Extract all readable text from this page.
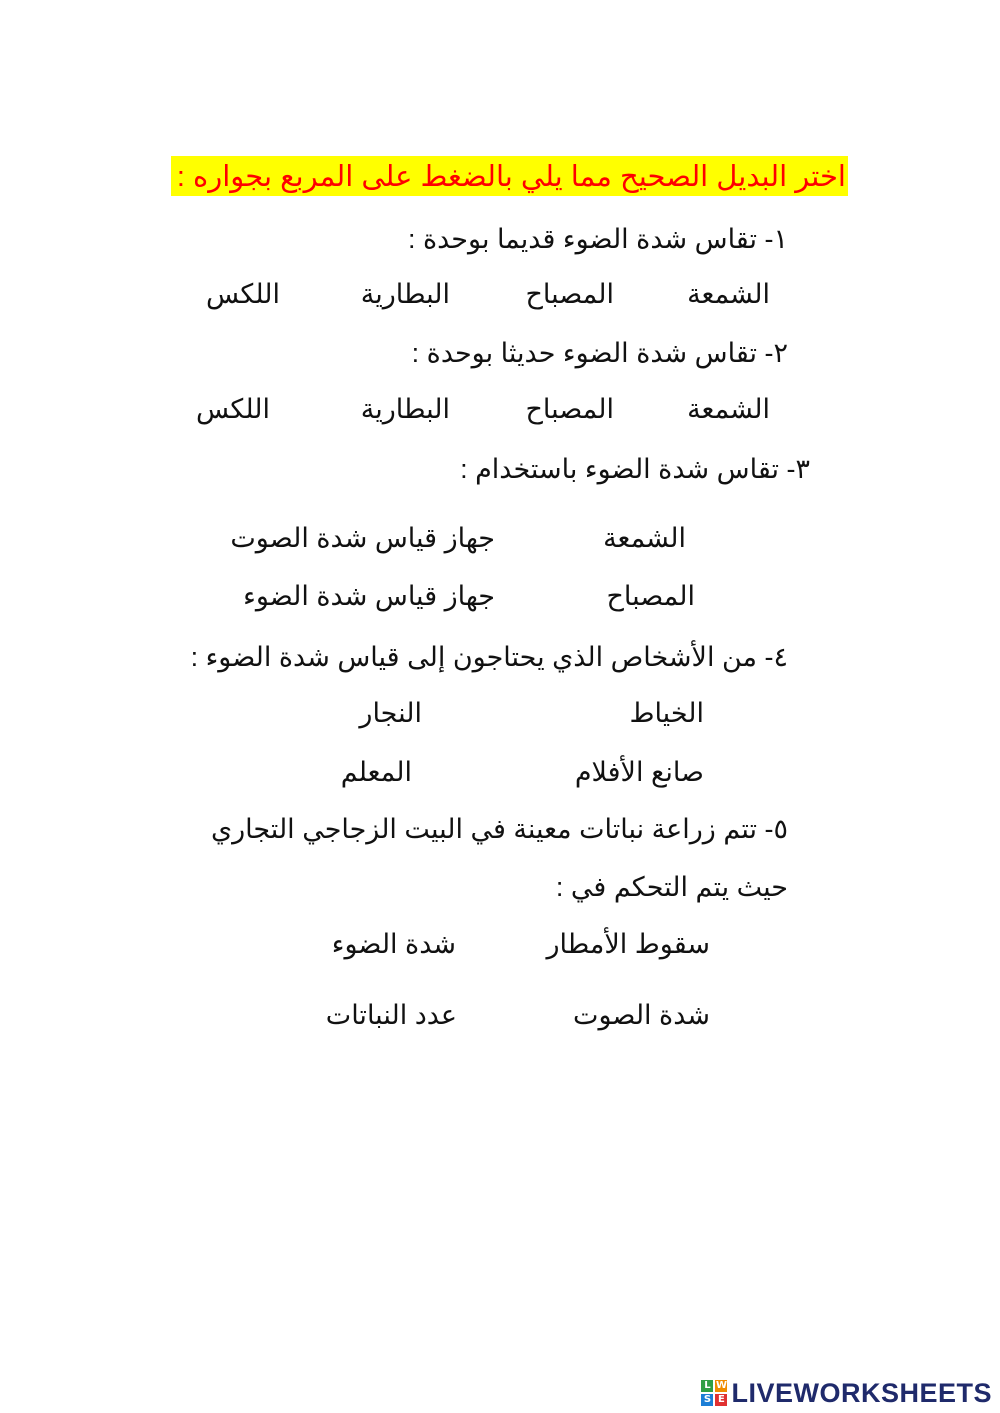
اختر البديل الصحيح مما يلي بالضغط على المربع بجواره :
١- تقاس شدة الضوء قديما بوحدة :
الشمعة
المصباح
البطارية
اللكس
٢- تقاس شدة الضوء حديثا بوحدة :
الشمعة
المصباح
البطارية
اللكس
٣- تقاس شدة الضوء باستخدام :
الشمعة
جهاز قياس شدة الصوت
المصباح
جهاز قياس شدة الضوء
٤- من الأشخاص الذي يحتاجون إلى قياس شدة الضوء :
الخياط
النجار
صانع الأفلام
المعلم
٥- تتم زراعة نباتات معينة في البيت الزجاجي التجاري
حيث يتم التحكم في :
سقوط الأمطار
شدة الضوء
شدة الصوت
عدد النباتات
L W
S E LIVEWORKSHEETS
